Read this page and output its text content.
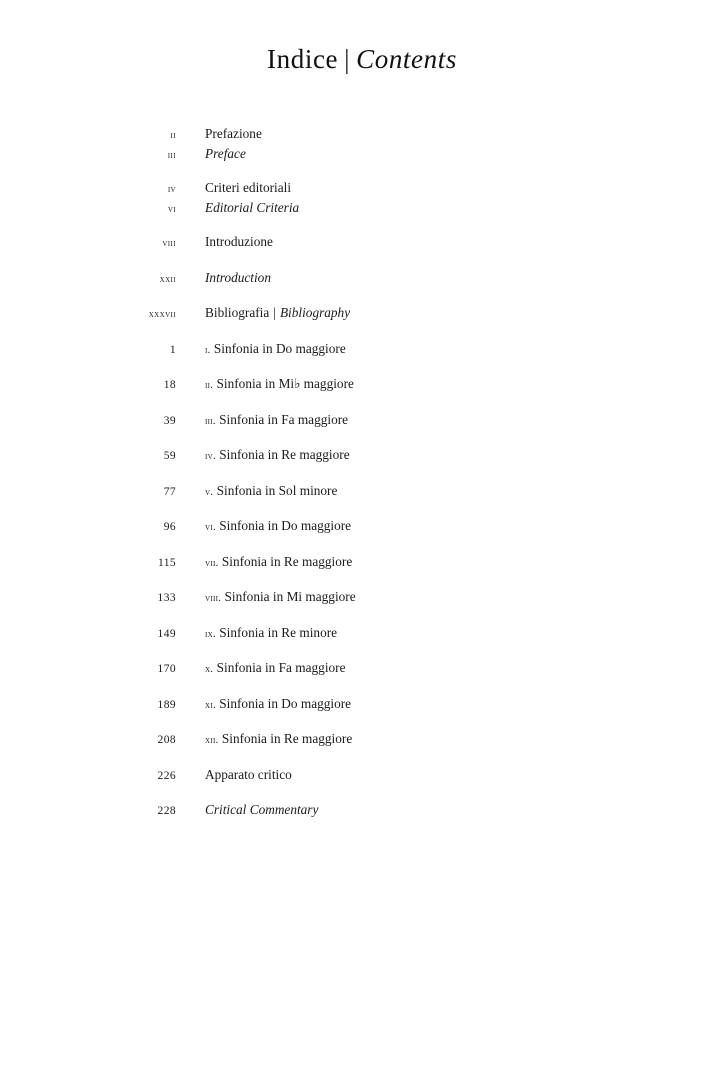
Indice | Contents
ii	Prefazione
iii	Preface
iv	Criteri editoriali
vi	Editorial Criteria
viii	Introduzione
xxii	Introduction
xxxvii	Bibliografia | Bibliography
1	i. Sinfonia in Do maggiore
18	ii. Sinfonia in Mi♭ maggiore
39	iii. Sinfonia in Fa maggiore
59	iv. Sinfonia in Re maggiore
77	v. Sinfonia in Sol minore
96	vi. Sinfonia in Do maggiore
115	vii. Sinfonia in Re maggiore
133	viii. Sinfonia in Mi maggiore
149	ix. Sinfonia in Re minore
170	x. Sinfonia in Fa maggiore
189	xi. Sinfonia in Do maggiore
208	xii. Sinfonia in Re maggiore
226	Apparato critico
228	Critical Commentary
